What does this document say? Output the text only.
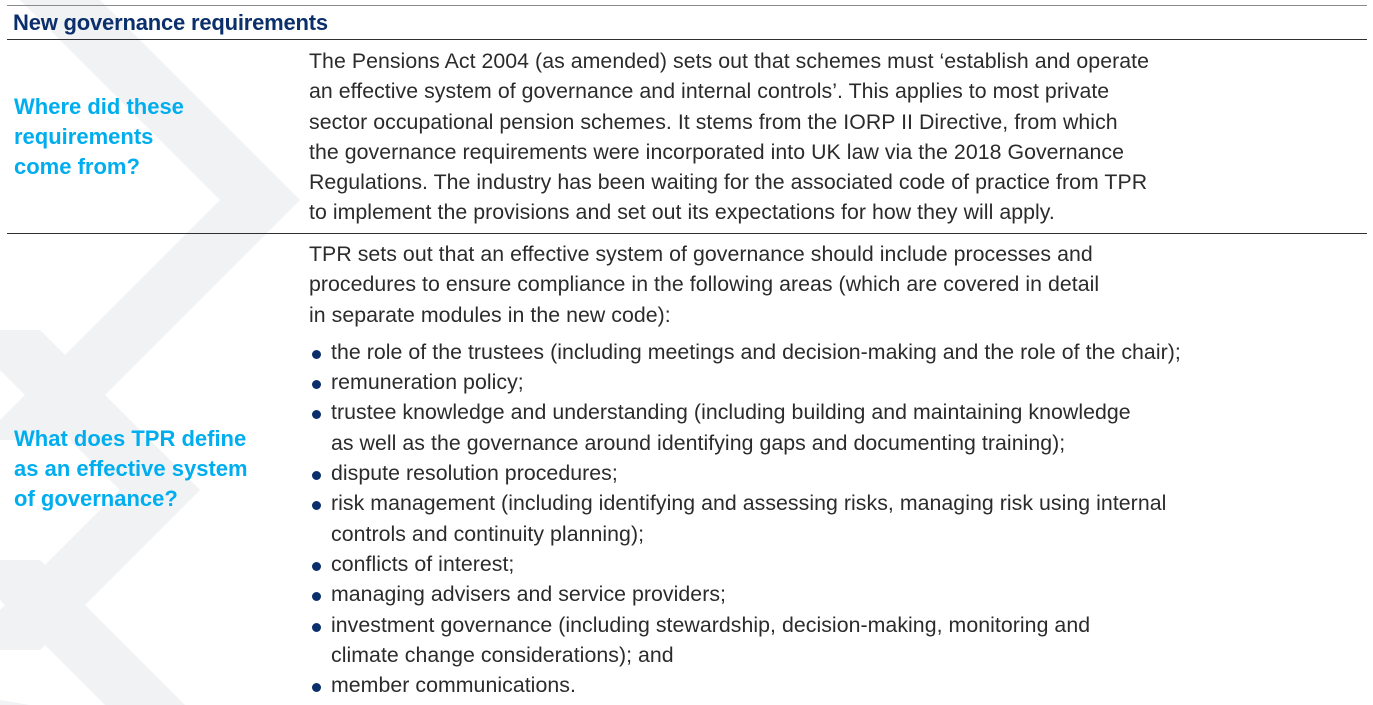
New governance requirements
Where did these
requirements
come from?

The Pensions Act 2004 (as amended) sets out that schemes must ‘establish and operate
an effective system of governance and internal controls’. This applies to most private
sector occupational pension schemes. It stems from the IORP II Directive, from which
the governance requirements were incorporated into UK law via the 2018 Governance
Regulations. The industry has been waiting for the associated code of practice from TPR
to implement the provisions and set out its expectations for how they will apply.

What does TPR define
as an effective system
of governance?

TPR sets out that an effective system of governance should include processes and
procedures to ensure compliance in the following areas (which are covered in detail
in separate modules in the new code):

the role of the trustees (including meetings and decision-making and the role of the chair);
remuneration policy;
trustee knowledge and understanding (including building and maintaining knowledge
as well as the governance around identifying gaps and documenting training);
dispute resolution procedures;
risk management (including identifying and assessing risks, managing risk using internal
controls and continuity planning);
conflicts of interest;
managing advisers and service providers;
investment governance (including stewardship, decision-making, monitoring and
climate change considerations); and
member communications.
